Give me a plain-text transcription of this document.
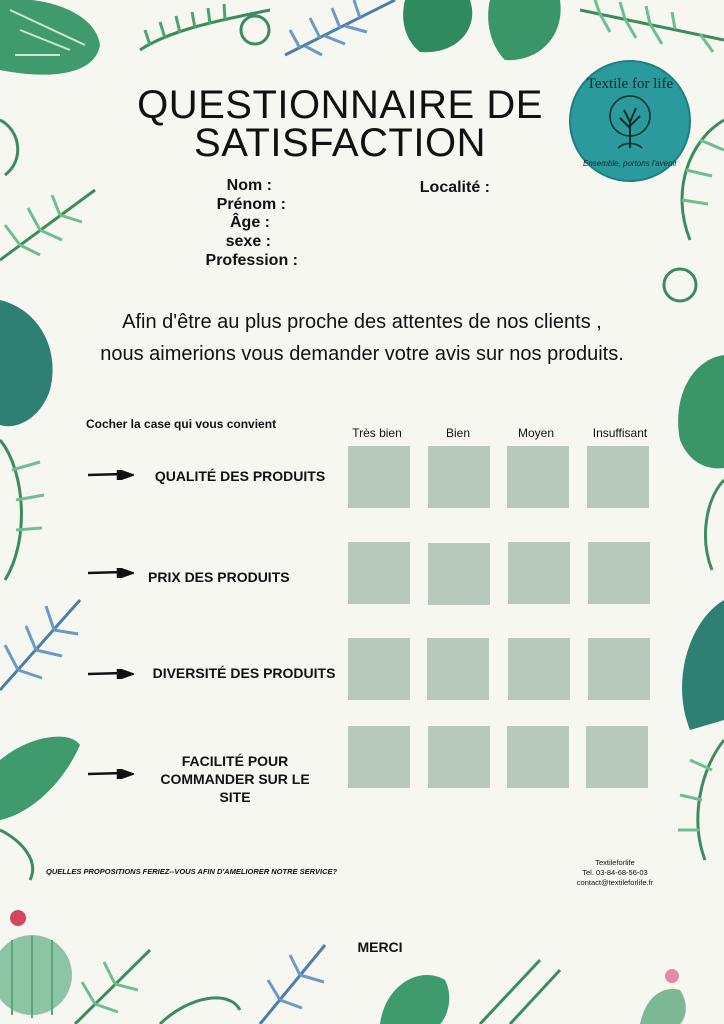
QUESTIONNAIRE DE
SATISFACTION
Textile for life
Ensemble, portons l'avenir
Nom :
Prénom :
Âge :
sexe :
Profession :
Localité :
Afin d'être au plus proche des attentes de nos clients ,
nous aimerions vous demander votre avis sur nos produits.
Cocher la case qui vous convient
Très bien	Bien	Moyen	Insuffisant
QUALITÉ DES PRODUITS
PRIX DES PRODUITS
DIVERSITÉ DES PRODUITS
FACILITÉ POUR
COMMANDER SUR LE
SITE
QUELLES PROPOSITIONS FERIEZ--VOUS AFIN D'AMELIORER NOTRE SERVICE?
Textileforlife
Tel. 03-84-68-56-03
contact@textileforlife.fr
MERCI
